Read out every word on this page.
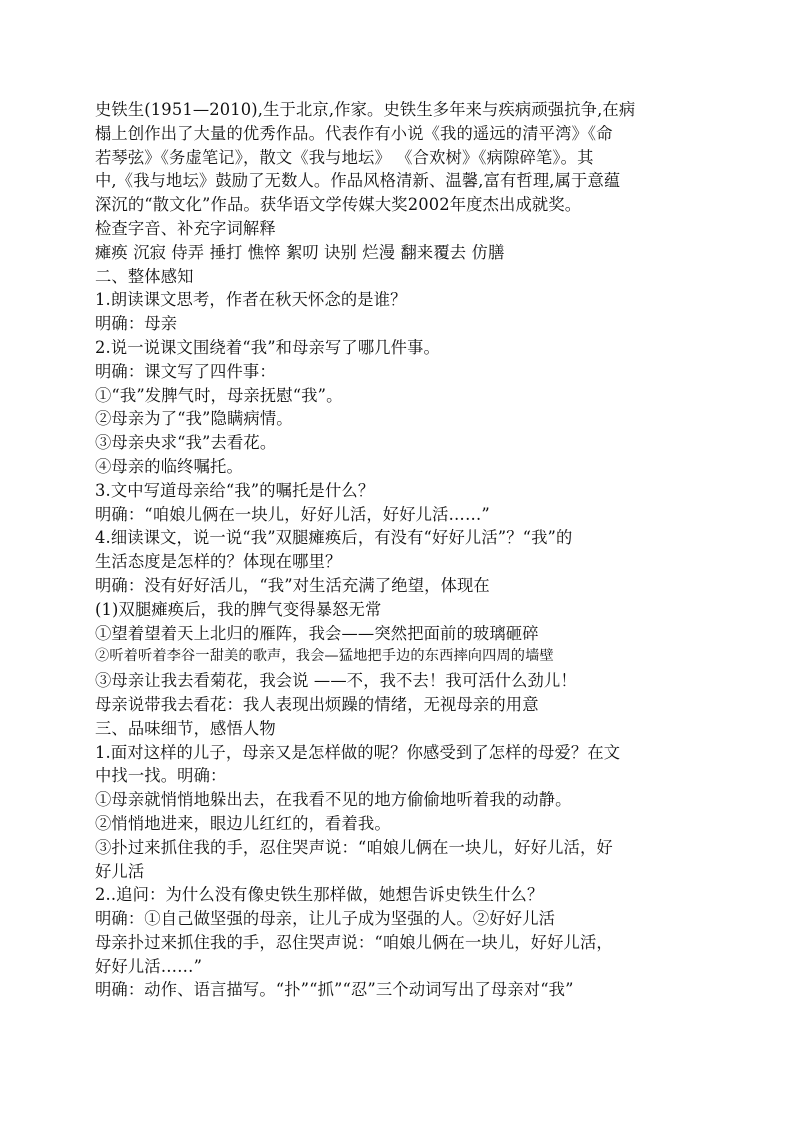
史铁生(1951—2010),生于北京,作家。史铁生多年来与疾病顽强抗争,在病
榻上创作出了大量的优秀作品。代表作有小说《我的遥远的清平湾》《命
若琴弦》《务虚笔记》，散文《我与地坛》 《合欢树》《病隙碎笔》。其
中,《我与地坛》鼓励了无数人。作品风格清新、温馨,富有哲理,属于意蕴
深沉的“散文化”作品。获华语文学传媒大奖2002年度杰出成就奖。
检查字音、补充字词解释
瘫痪 沉寂 侍弄 捶打 憔悴 絮叨 诀别 烂漫 翻来覆去 仿膳
二、整体感知
1.朗读课文思考，作者在秋天怀念的是谁？
明确：母亲
2.说一说课文围绕着“我”和母亲写了哪几件事。
明确：课文写了四件事：
①“我”发脾气时，母亲抚慰“我”。
②母亲为了“我”隐瞒病情。
③母亲央求“我”去看花。
④母亲的临终嘱托。
3.文中写道母亲给“我”的嘱托是什么？
明确：“咱娘儿俩在一块儿，好好儿活，好好儿活……”
4.细读课文，说一说“我”双腿瘫痪后，有没有“好好儿活”？“我”的
生活态度是怎样的？体现在哪里？
明确：没有好好活儿，“我”对生活充满了绝望，体现在
(1)双腿瘫痪后，我的脾气变得暴怒无常
①望着望着天上北归的雁阵，我会——突然把面前的玻璃砸碎
②听着听着李谷一甜美的歌声，我会—猛地把手边的东西摔向四周的墙壁
③母亲让我去看菊花，我会说 ——不，我不去！我可活什么劲儿！
母亲说带我去看花：我人表现出烦躁的情绪，无视母亲的用意
三、品味细节，感悟人物
1.面对这样的儿子，母亲又是怎样做的呢？你感受到了怎样的母爱？在文
中找一找。明确：
①母亲就悄悄地躲出去，在我看不见的地方偷偷地听着我的动静。
②悄悄地进来，眼边儿红红的，看着我。
③扑过来抓住我的手，忍住哭声说：“咱娘儿俩在一块儿，好好儿活，好
好儿活
2..追问：为什么没有像史铁生那样做，她想告诉史铁生什么？
明确：①自己做坚强的母亲，让儿子成为坚强的人。②好好儿活
母亲扑过来抓住我的手，忍住哭声说：“咱娘儿俩在一块儿，好好儿活，
好好儿活……”
明确：动作、语言描写。“扑”“抓”“忍”三个动词写出了母亲对“我”
